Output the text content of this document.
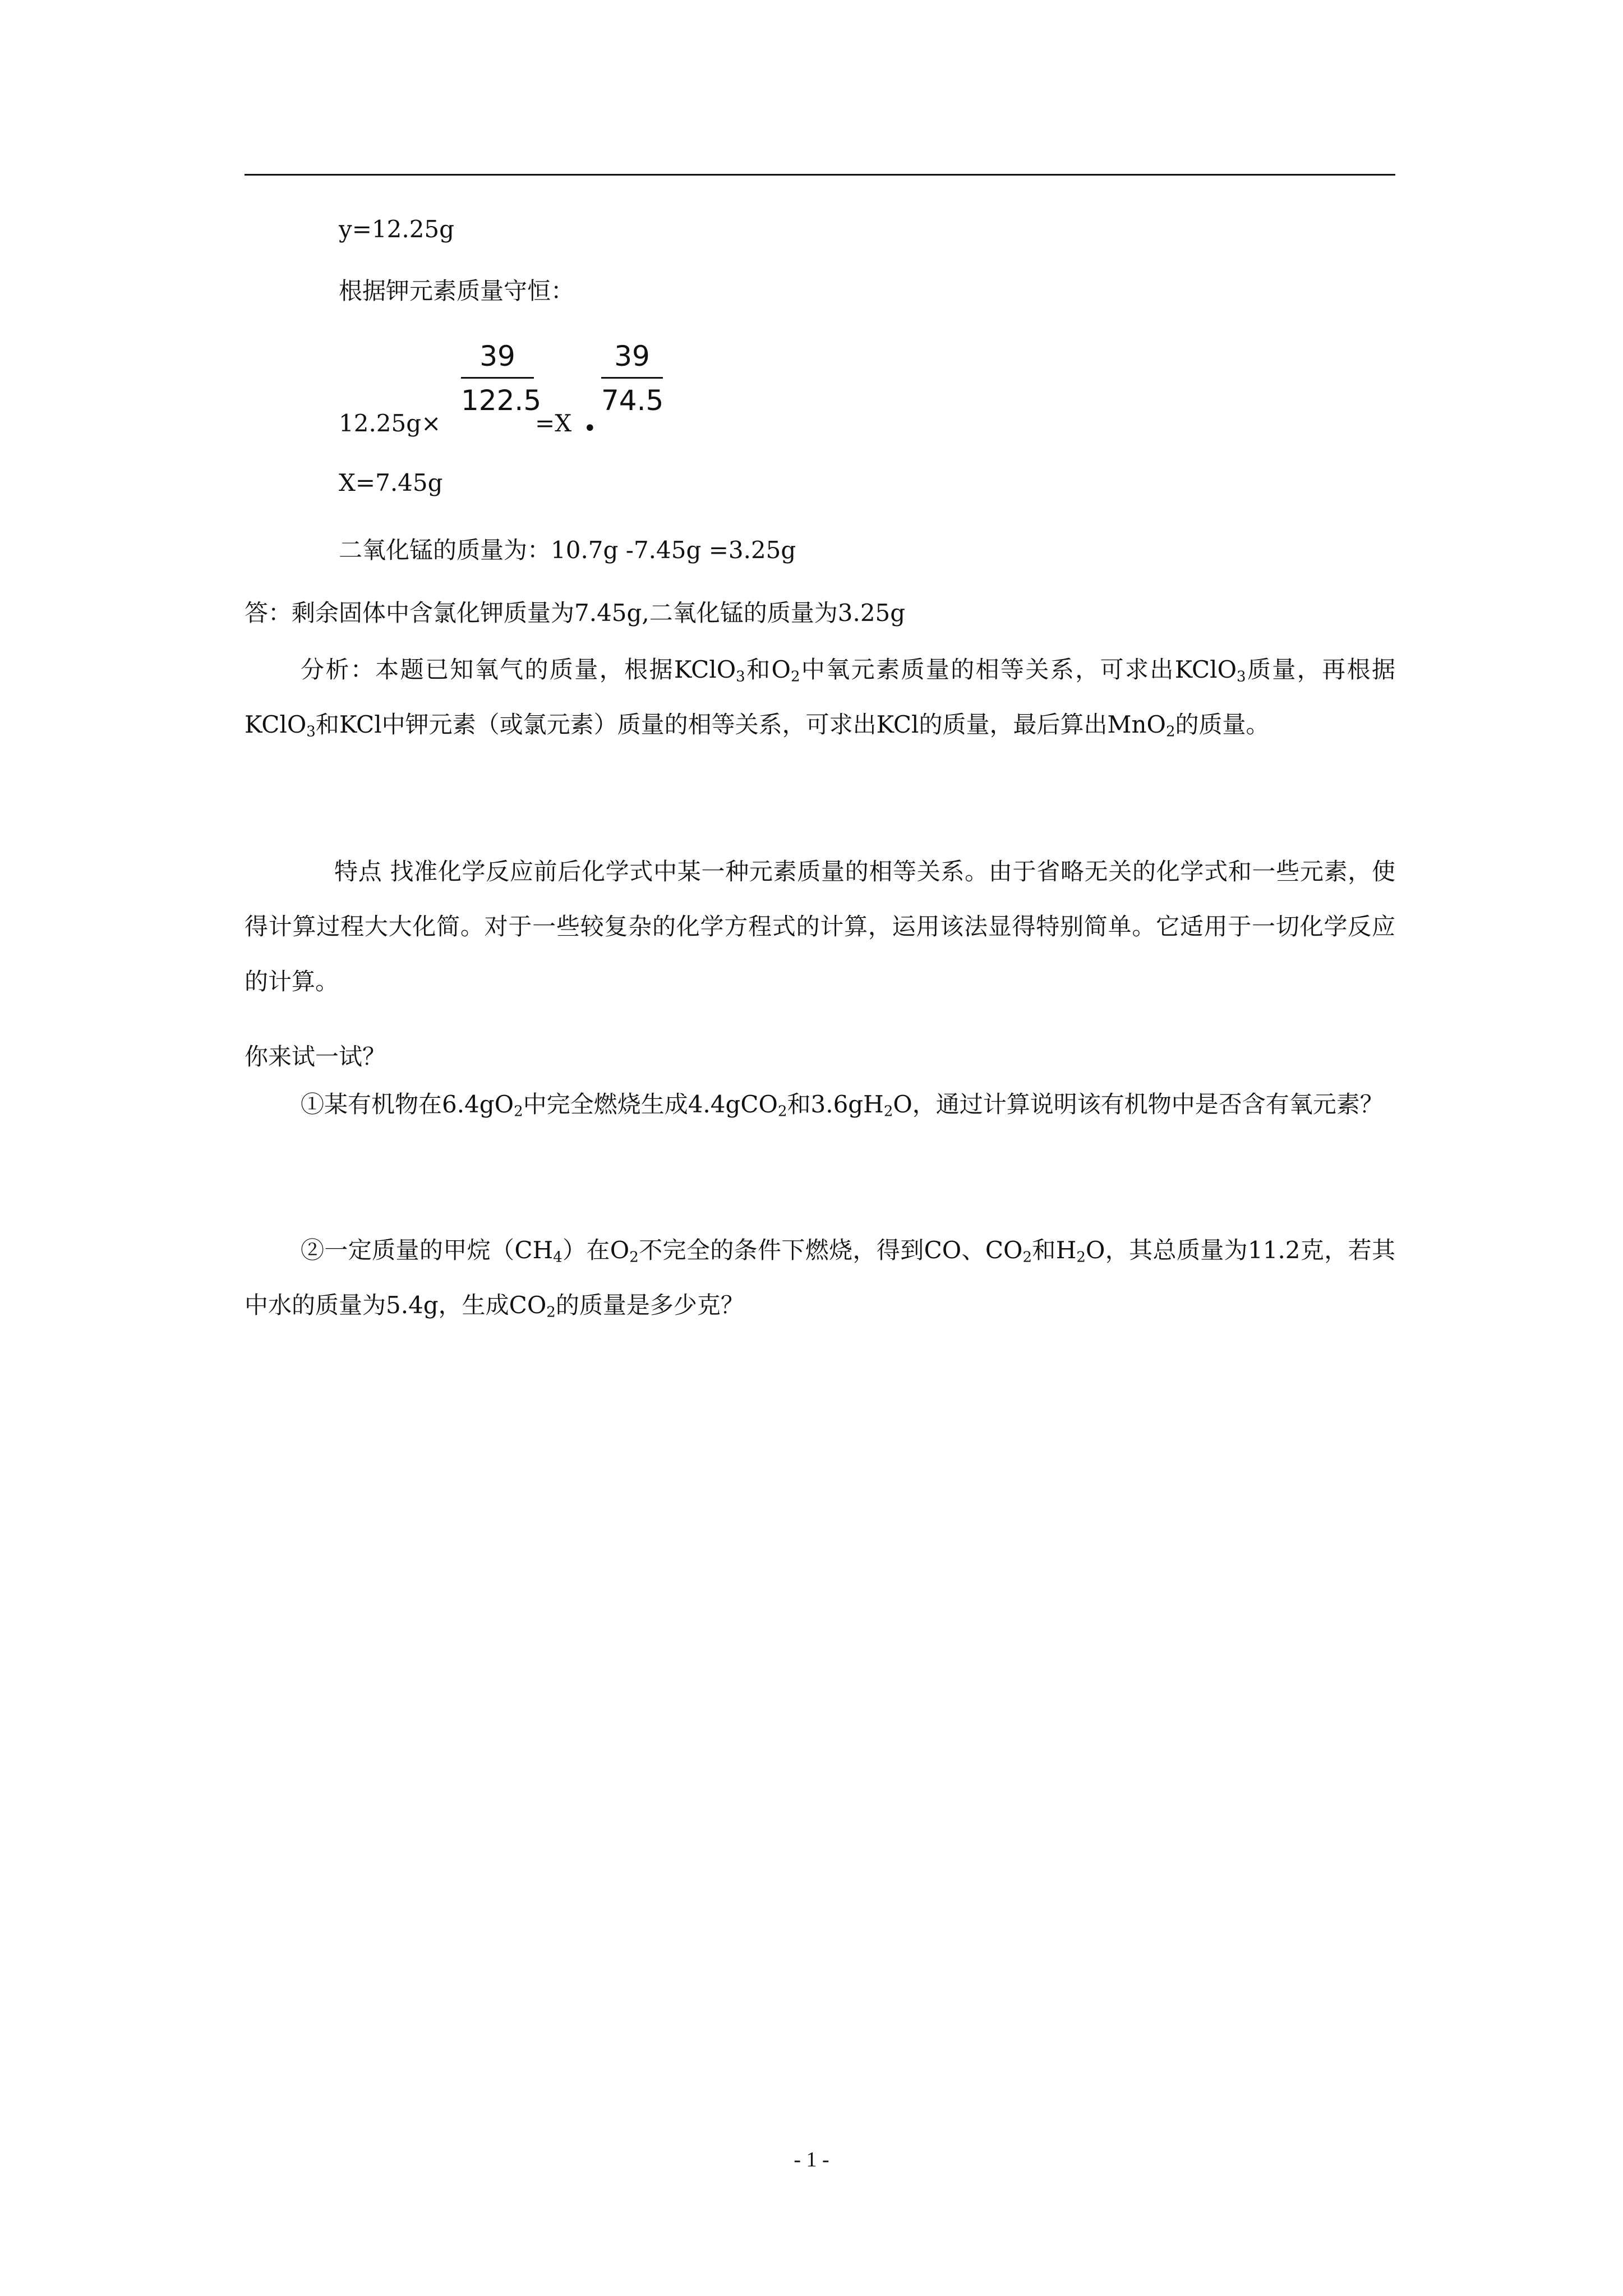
y=12.25g
根据钾元素质量守恒：
39
122.5
39
74.5
12.25g×	=X •
X=7.45g
二氧化锰的质量为：10.7g -7.45g =3.25g
答：剩余固体中含氯化钾质量为7.45g,二氧化锰的质量为3.25g

分析：本题已知氧气的质量，根据KClO$_3$和$O_2$中氧元素质量的相等关系，可求出KClO$_3$质量，再根据KClO$_3$和KCl中钾元素（或氯元素）质量的相等关系，可求出KCl的质量，最后算出MnO$_2$的质量。

特点 找准化学反应前后化学式中某一种元素质量的相等关系。由于省略无关的化学式和一些元素，使得计算过程大大化简。对于一些较复杂的化学方程式的计算，运用该法显得特别简单。它适用于一切化学反应的计算。

你来试一试？

①某有机物在$6.4gO_2$中完全燃烧生成4.4gCO$_2$和$3.6gH_2O$，通过计算说明该有机物中是否含有氧元素？

②一定质量的甲烷$(CH_4)$在$O_2$不完全的条件下燃烧，得到CO、$CO_2$和$H_2O$，其总质量为11.2克，若其中水的质量为5.4g，生成$CO_2$的质量是多少克？

- 1 -
